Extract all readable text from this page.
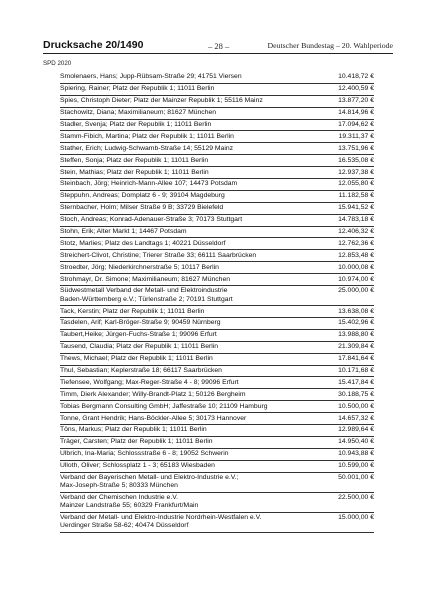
Drucksache 20/1490	– 28 –	Deutscher Bundestag – 20. Wahlperiode
SPD 2020
Smolenaers, Hans; Jupp-Rübsam-Straße 29; 41751 Viersen	10.418,72 €
Spiering, Rainer; Platz der Republik 1; 11011 Berlin	12.400,59 €
Spies, Christoph Dieter; Platz der Mainzer Republik 1; 55116 Mainz	13.877,20 €
Stachowitz, Diana; Maximilianeum; 81627 München	14.814,96 €
Stadler, Svenja; Platz der Republik 1; 11011 Berlin	17.094,62 €
Stamm-Fibich, Martina; Platz der Republik 1; 11011 Berlin	19.311,37 €
Stather, Erich; Ludwig-Schwamb-Straße 14; 55129 Mainz	13.751,96 €
Steffen, Sonja; Platz der Republik 1; 11011 Berlin	16.535,08 €
Stein, Mathias; Platz der Republik 1; 11011 Berlin	12.937,38 €
Steinbach, Jörg; Heinrich-Mann-Allee 107; 14473 Potsdam	12.055,80 €
Steppuhn, Andreas; Domplatz 6 - 9; 39104 Magdeburg	11.182,58 €
Sternbacher, Holm; Milser Straße 9 B; 33729 Bielefeld	15.941,52 €
Stoch, Andreas; Konrad-Adenauer-Straße 3; 70173 Stuttgart	14.783,18 €
Stohn, Erik; Alter Markt 1; 14467 Potsdam	12.406,32 €
Stotz, Marlies; Platz des Landtags 1; 40221 Düsseldorf	12.762,36 €
Streichert-Clivot, Christine; Trierer Straße 33; 66111 Saarbrücken	12.853,48 €
Stroedter, Jörg; Niederkirchnerstraße 5; 10117 Berlin	10.000,08 €
Strohmayr, Dr. Simone; Maximilianeum; 81627 München	10.974,00 €
Südwestmetall Verband der Metall- und Elektroindustrie
Baden-Württemberg e.V.; Türlenstraße 2; 70191 Stuttgart
25.000,00 €
Tack, Kerstin; Platz der Republik 1; 11011 Berlin	13.638,08 €
Tasdelen, Arif; Karl-Bröger-Straße 9; 90459 Nürnberg	15.402,96 €
Taubert,Heike; Jürgen-Fuchs-Straße 1; 99096 Erfurt	13.988,80 €
Tausend, Claudia; Platz der Republik 1; 11011 Berlin	21.309,84 €
Thews, Michael; Platz der Republik 1; 11011 Berlin	17.841,64 €
Thul, Sebastian; Keplerstraße 18; 66117 Saarbrücken	10.171,68 €
Tiefensee, Wolfgang; Max-Reger-Straße 4 - 8; 99096 Erfurt	15.417,84 €
Timm, Dierk Alexander; Willy-Brandt-Platz 1; 50126 Bergheim	30.188,75 €
Tobias Bergmann Consulting GmbH; Jaffestraße 10; 21109 Hamburg	10.500,00 €
Tonne, Grant Hendrik; Hans-Böckler-Allee 5; 30173 Hannover	14.657,32 €
Töns, Markus; Platz der Republik 1; 11011 Berlin	12.989,64 €
Träger, Carsten; Platz der Republik 1; 11011 Berlin	14.950,40 €
Ulbrich, Ina-Maria; Schlossstraße 6 - 8; 19052 Schwerin	10.943,88 €
Ulloth, Oliver; Schlossplatz 1 - 3; 65183 Wiesbaden	10.599,00 €
Verband der Bayerischen Metall- und Elektro-Industrie e.V.;
Max-Joseph-Straße 5; 80333 München
50.001,00 €
Verband der Chemischen Industrie e.V.
Mainzer Landstraße 55; 60329 Frankfurt/Main
22.500,00 €
Verband der Metall- und Elektro-Industrie Nordrhein-Westfalen e.V.
Uerdinger Straße 58-62; 40474 Düsseldorf
15.000,00 €
